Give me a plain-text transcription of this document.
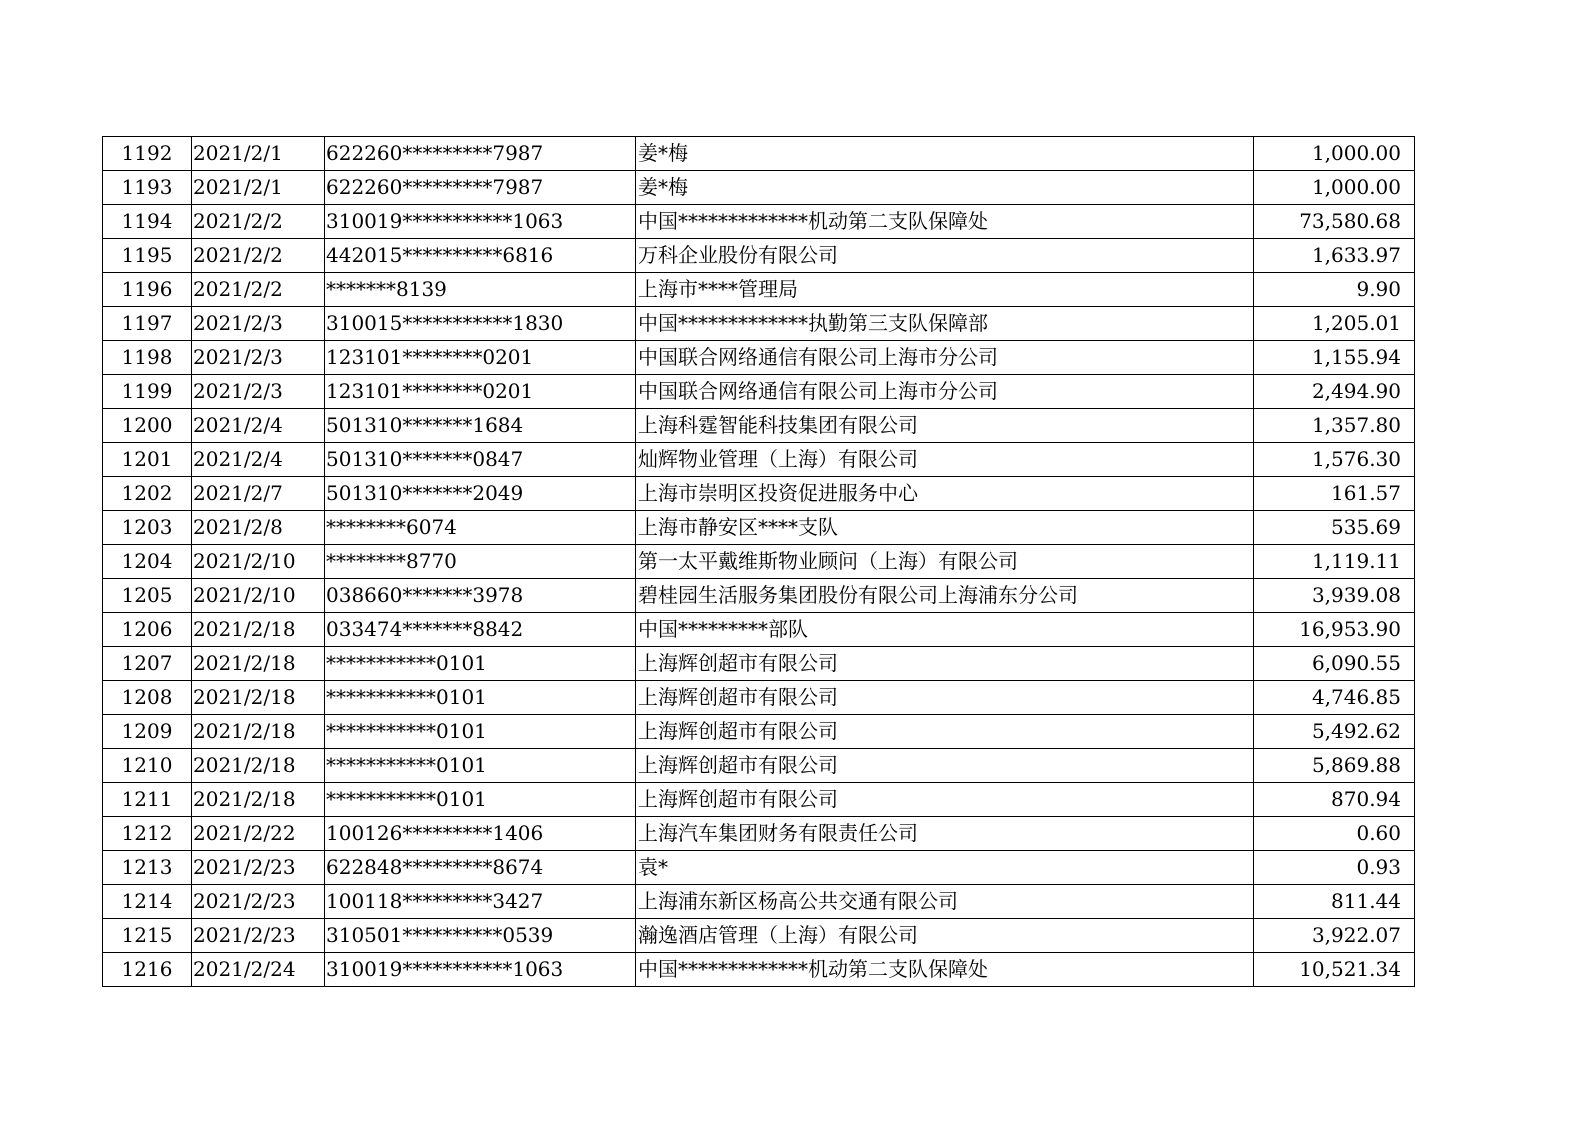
1192	2021/2/1	622260*********7987	姜*梅	1,000.00
1193	2021/2/1	622260*********7987	姜*梅	1,000.00
1194	2021/2/2	310019***********1063	中国*************机动第二支队保障处	73,580.68
1195	2021/2/2	442015**********6816	万科企业股份有限公司	1,633.97
1196	2021/2/2	*******8139	上海市****管理局	9.90
1197	2021/2/3	310015***********1830	中国*************执勤第三支队保障部	1,205.01
1198	2021/2/3	123101********0201	中国联合网络通信有限公司上海市分公司	1,155.94
1199	2021/2/3	123101********0201	中国联合网络通信有限公司上海市分公司	2,494.90
1200	2021/2/4	501310*******1684	上海科霆智能科技集团有限公司	1,357.80
1201	2021/2/4	501310*******0847	灿辉物业管理（上海）有限公司	1,576.30
1202	2021/2/7	501310*******2049	上海市崇明区投资促进服务中心	161.57
1203	2021/2/8	********6074	上海市静安区****支队	535.69
1204	2021/2/10	********8770	第一太平戴维斯物业顾问（上海）有限公司	1,119.11
1205	2021/2/10	038660*******3978	碧桂园生活服务集团股份有限公司上海浦东分公司	3,939.08
1206	2021/2/18	033474*******8842	中国*********部队	16,953.90
1207	2021/2/18	***********0101	上海辉创超市有限公司	6,090.55
1208	2021/2/18	***********0101	上海辉创超市有限公司	4,746.85
1209	2021/2/18	***********0101	上海辉创超市有限公司	5,492.62
1210	2021/2/18	***********0101	上海辉创超市有限公司	5,869.88
1211	2021/2/18	***********0101	上海辉创超市有限公司	870.94
1212	2021/2/22	100126*********1406	上海汽车集团财务有限责任公司	0.60
1213	2021/2/23	622848*********8674	袁*	0.93
1214	2021/2/23	100118*********3427	上海浦东新区杨高公共交通有限公司	811.44
1215	2021/2/23	310501**********0539	瀚逸酒店管理（上海）有限公司	3,922.07
1216	2021/2/24	310019***********1063	中国*************机动第二支队保障处	10,521.34
